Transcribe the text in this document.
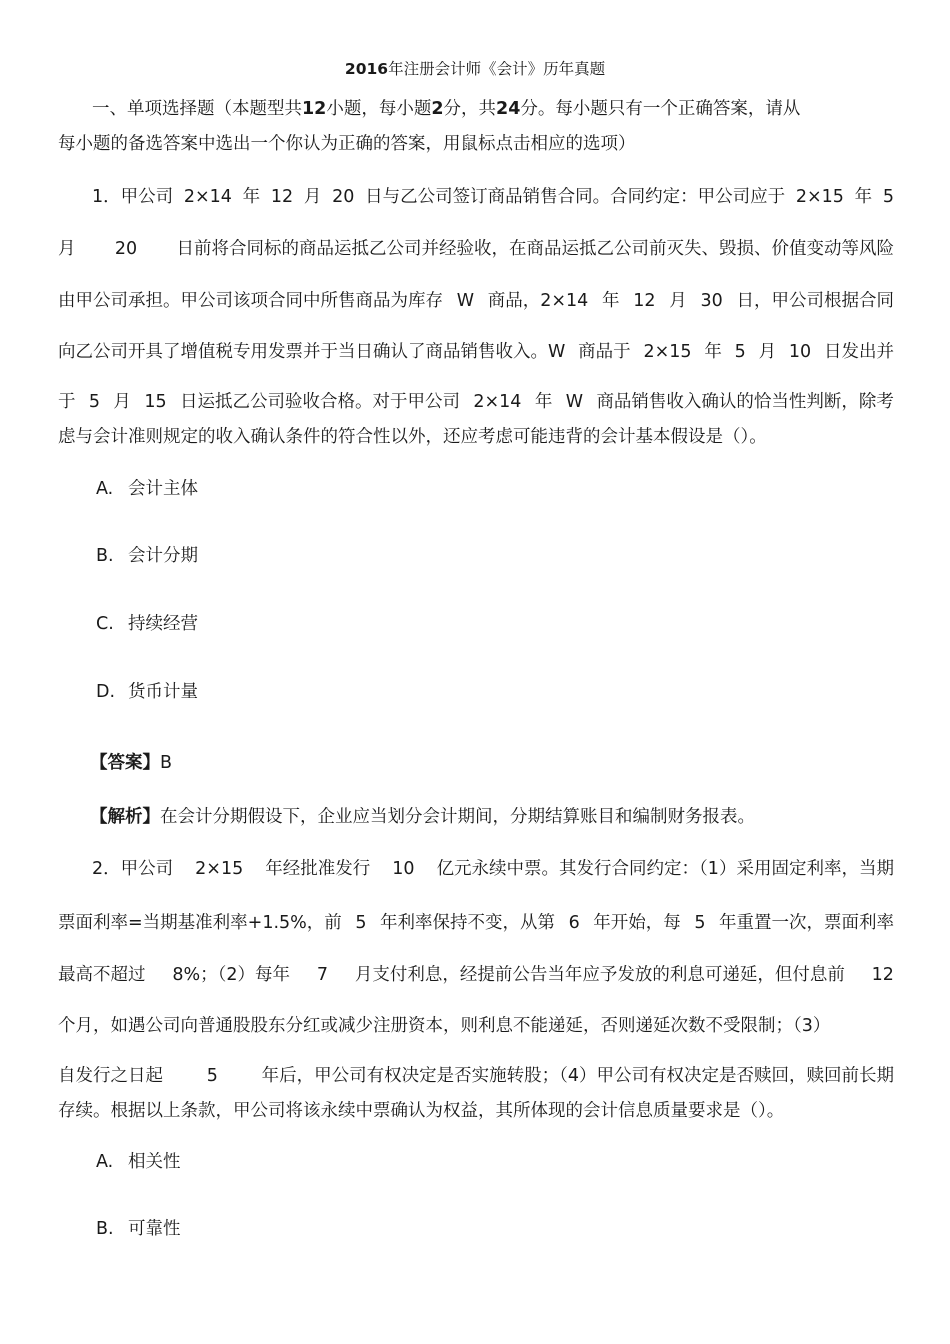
2016年注册会计师《会计》历年真题

一、单项选择题（本题型共 12 小题，每小题 2 分，共 24 分。每小题只有一个正确答案，请从

每小题的备选答案中选出一个你认为正确的答案，用鼠标点击相应的选项）

1．甲公司 2×14 年 12 月 20 日与乙公司签订商品销售合同。合同约定：甲公司应于 2×15 年 5

月 20 日前将合同标的商品运抵乙公司并经验收，在商品运抵乙公司前灭失、毁损、价值变动等风险

由甲公司承担。甲公司该项合同中所售商品为库存 W 商品，2×14 年 12 月 30 日，甲公司根据合同

向乙公司开具了增值税专用发票并于当日确认了商品销售收入。W 商品于 2×15 年 5 月 10 日发出并

于 5 月 15 日运抵乙公司验收合格。对于甲公司 2×14 年 W 商品销售收入确认的恰当性判断，除考

虑与会计准则规定的收入确认条件的符合性以外，还应考虑可能违背的会计基本假设是（）。

A. 会计主体

B. 会计分期

C. 持续经营

D. 货币计量

【答案】B

【解析】在会计分期假设下，企业应当划分会计期间，分期结算账目和编制财务报表。

2．甲公司 2×15 年经批准发行 10 亿元永续中票。其发行合同约定：（1）采用固定利率，当期

票面利率=当期基准利率+1.5%，前 5 年利率保持不变，从第 6 年开始，每 5 年重置一次，票面利率

最高不超过 8%；（2）每年 7 月支付利息，经提前公告当年应予发放的利息可递延，但付息前 12

个月，如遇公司向普通股股东分红或减少注册资本，则利息不能递延，否则递延次数不受限制；（3）

自发行之日起 5 年后，甲公司有权决定是否实施转股；（4）甲公司有权决定是否赎回，赎回前长期

存续。根据以上条款，甲公司将该永续中票确认为权益，其所体现的会计信息质量要求是（）。

A. 相关性

B. 可靠性
